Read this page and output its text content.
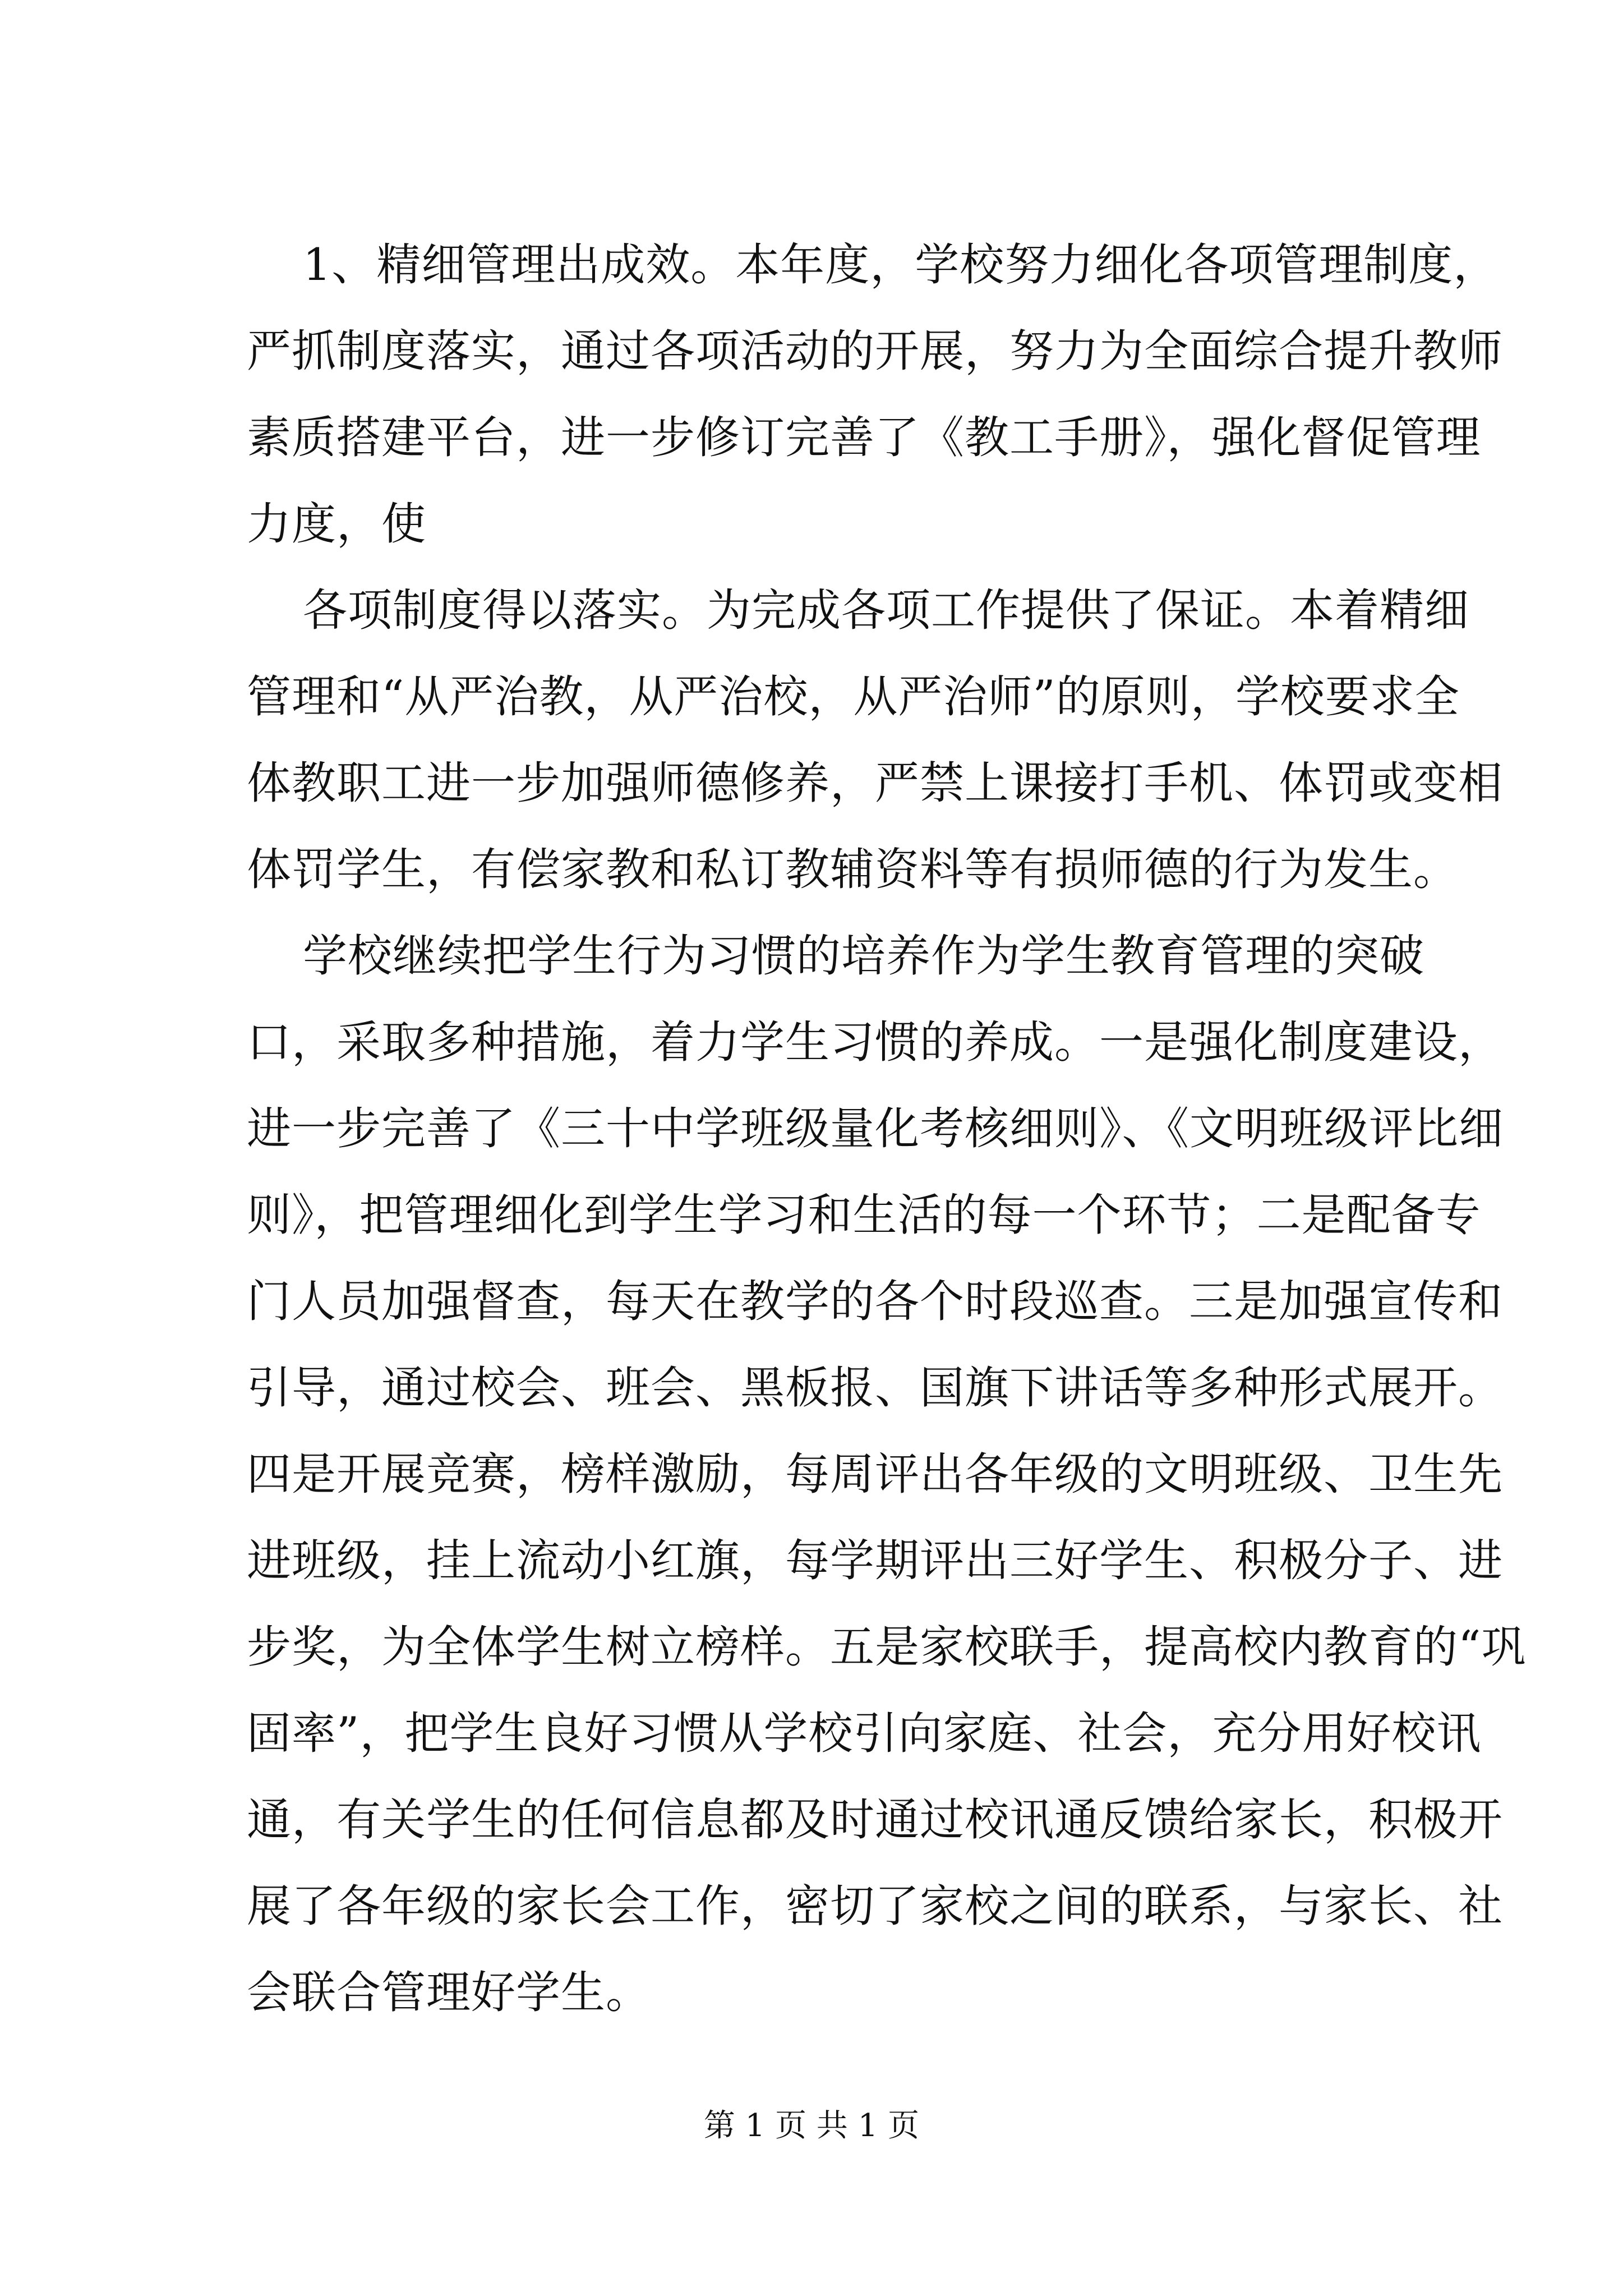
1、精细管理出成效。本年度，学校努力细化各项管理制度，
严抓制度落实，通过各项活动的开展，努力为全面综合提升教师
素质搭建平台，进一步修订完善了《教工手册》，强化督促管理
力度，使
各项制度得以落实。为完成各项工作提供了保证。本着精细
管理和“从严治教，从严治校，从严治师”的原则，学校要求全
体教职工进一步加强师德修养，严禁上课接打手机、体罚或变相
体罚学生，有偿家教和私订教辅资料等有损师德的行为发生。
学校继续把学生行为习惯的培养作为学生教育管理的突破
口，采取多种措施，着力学生习惯的养成。一是强化制度建设，
进一步完善了《三十中学班级量化考核细则》、《文明班级评比细
则》，把管理细化到学生学习和生活的每一个环节；二是配备专
门人员加强督查，每天在教学的各个时段巡查。三是加强宣传和
引导，通过校会、班会、黑板报、国旗下讲话等多种形式展开。
四是开展竞赛，榜样激励，每周评出各年级的文明班级、卫生先
进班级，挂上流动小红旗，每学期评出三好学生、积极分子、进
步奖，为全体学生树立榜样。五是家校联手，提高校内教育的“巩
固率”，把学生良好习惯从学校引向家庭、社会，充分用好校讯
通，有关学生的任何信息都及时通过校讯通反馈给家长，积极开
展了各年级的家长会工作，密切了家校之间的联系，与家长、社
会联合管理好学生。
第 1 页 共 1 页
